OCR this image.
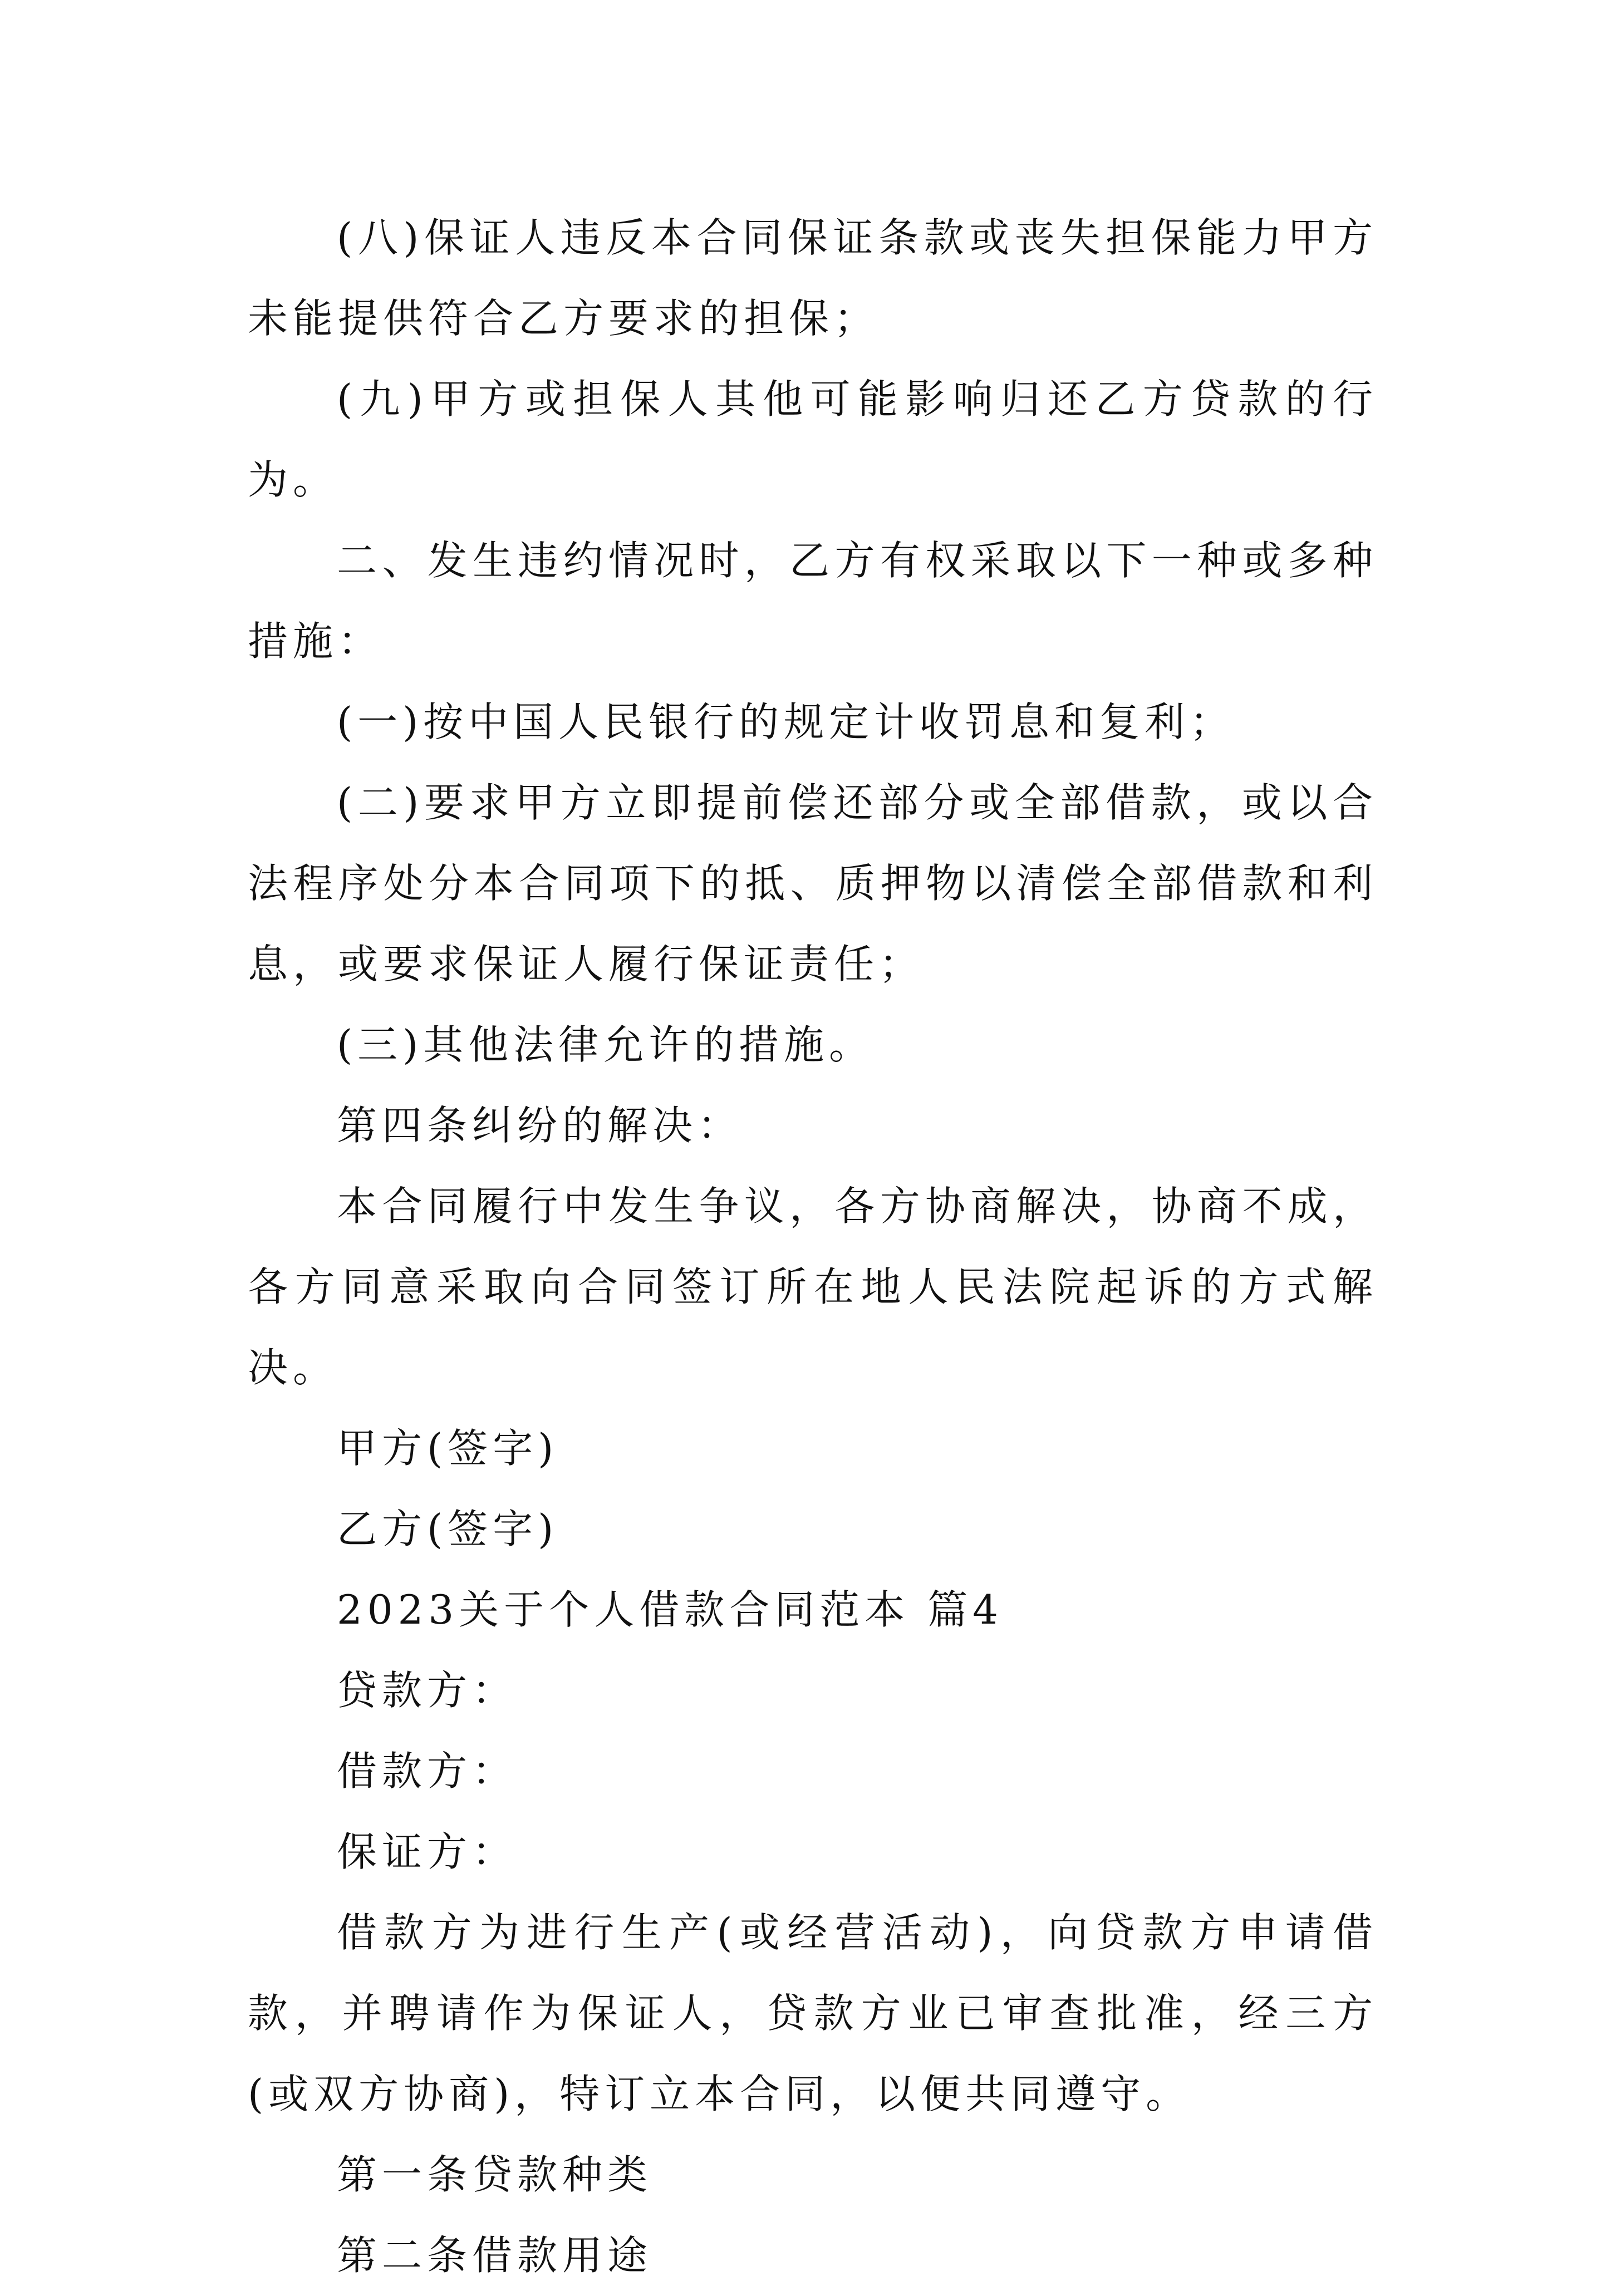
(八)保证人违反本合同保证条款或丧失担保能力甲方未能提供符合乙方要求的担保；

(九)甲方或担保人其他可能影响归还乙方贷款的行为。

二、发生违约情况时，乙方有权采取以下一种或多种措施：

(一)按中国人民银行的规定计收罚息和复利；

(二)要求甲方立即提前偿还部分或全部借款，或以合法程序处分本合同项下的抵、质押物以清偿全部借款和利息，或要求保证人履行保证责任；

(三)其他法律允许的措施。

第四条纠纷的解决：

本合同履行中发生争议，各方协商解决，协商不成，各方同意采取向合同签订所在地人民法院起诉的方式解决。

甲方(签字)

乙方(签字)

2023关于个人借款合同范本 篇4

贷款方：

借款方：

保证方：

借款方为进行生产(或经营活动)，向贷款方申请借款，并聘请作为保证人，贷款方业已审查批准，经三方(或双方协商)，特订立本合同，以便共同遵守。

第一条贷款种类

第二条借款用途
